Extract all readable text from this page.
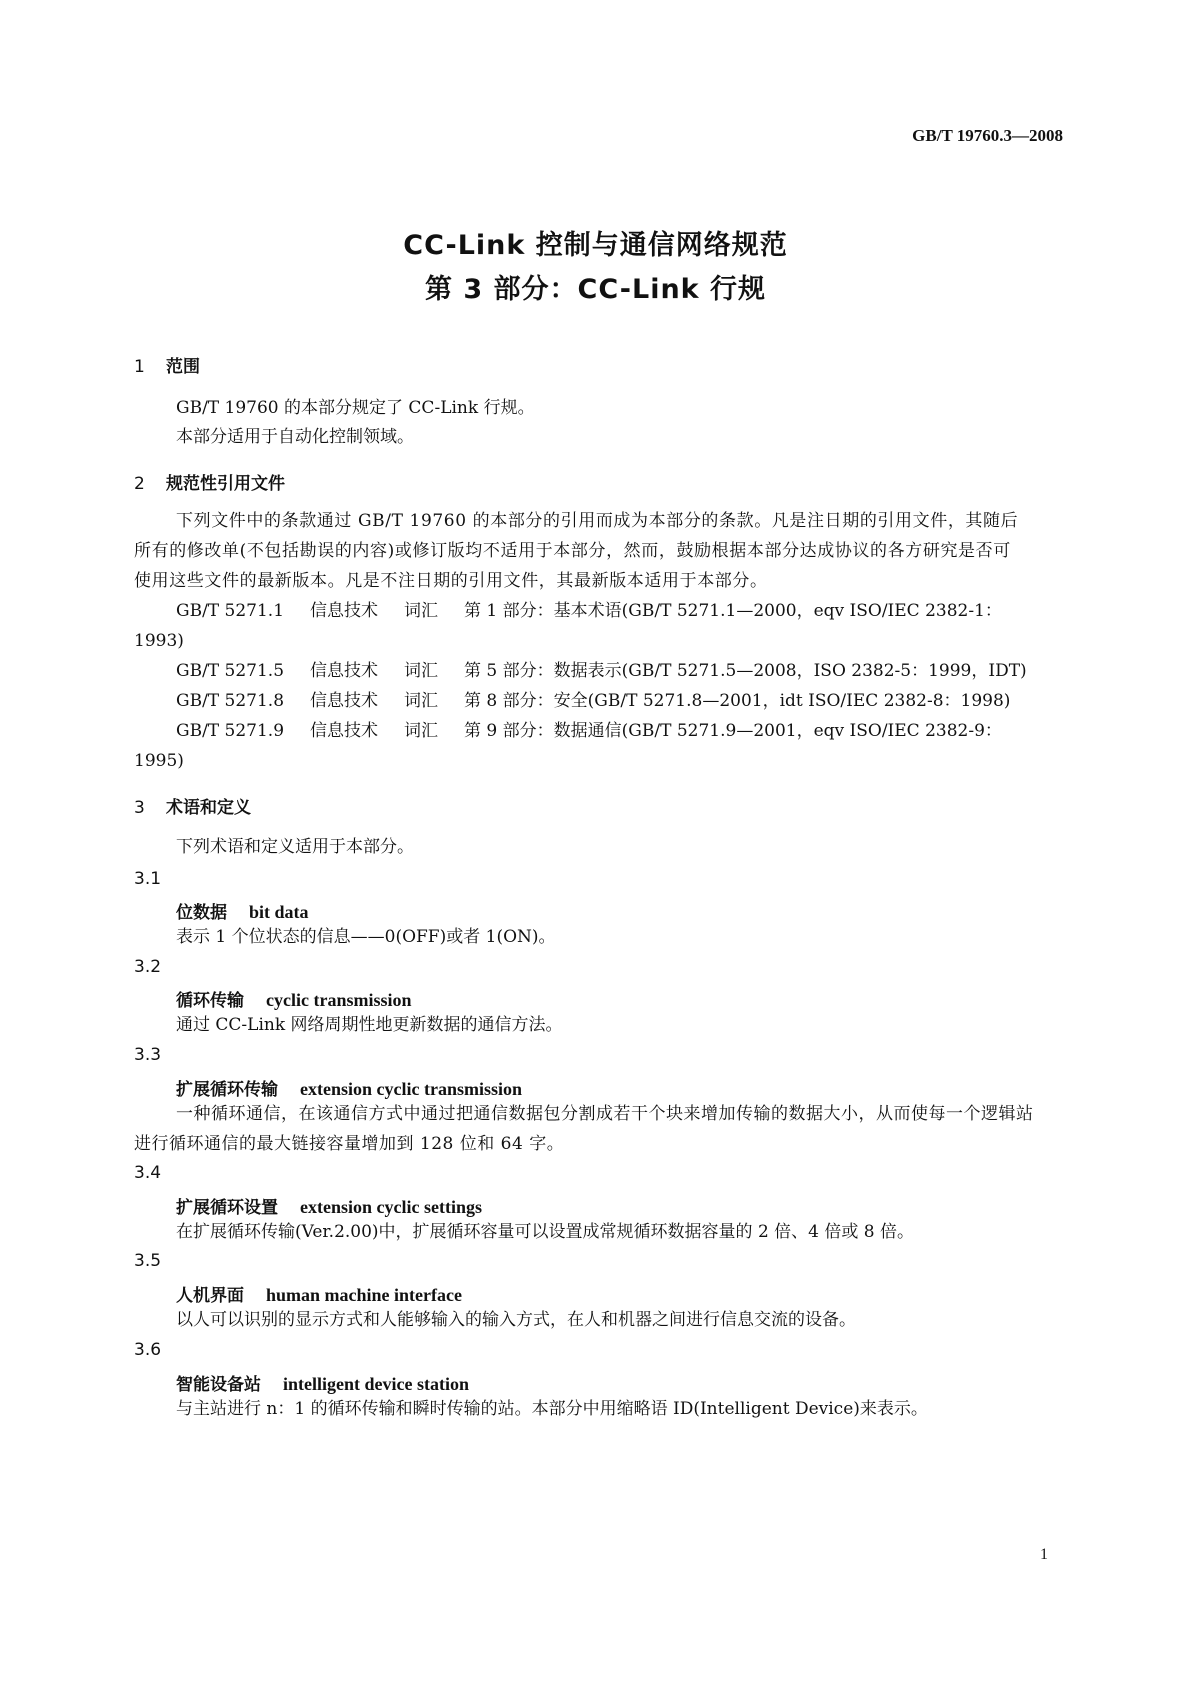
GB/T 19760.3—2008
CC-Link 控制与通信网络规范
第 3 部分：CC-Link 行规
1 范围
GB/T 19760 的本部分规定了 CC-Link 行规。
本部分适用于自动化控制领域。
2 规范性引用文件
下列文件中的条款通过 GB/T 19760 的本部分的引用而成为本部分的条款。凡是注日期的引用文件，其随后所有的修改单(不包括勘误的内容)或修订版均不适用于本部分，然而，鼓励根据本部分达成协议的各方研究是否可使用这些文件的最新版本。凡是不注日期的引用文件，其最新版本适用于本部分。
GB/T 5271.1 信息技术 词汇 第 1 部分：基本术语(GB/T 5271.1—2000，eqv ISO/IEC 2382-1：1993)
GB/T 5271.5 信息技术 词汇 第 5 部分：数据表示(GB/T 5271.5—2008，ISO 2382-5：1999，IDT)
GB/T 5271.8 信息技术 词汇 第 8 部分：安全(GB/T 5271.8—2001，idt ISO/IEC 2382-8：1998)
GB/T 5271.9 信息技术 词汇 第 9 部分：数据通信(GB/T 5271.9—2001，eqv ISO/IEC 2382-9：1995)
3 术语和定义
下列术语和定义适用于本部分。
3.1
位数据 bit data
表示 1 个位状态的信息——0(OFF)或者 1(ON)。
3.2
循环传输 cyclic transmission
通过 CC-Link 网络周期性地更新数据的通信方法。
3.3
扩展循环传输 extension cyclic transmission
一种循环通信，在该通信方式中通过把通信数据包分割成若干个块来增加传输的数据大小，从而使每一个逻辑站进行循环通信的最大链接容量增加到 128 位和 64 字。
3.4
扩展循环设置 extension cyclic settings
在扩展循环传输(Ver.2.00)中，扩展循环容量可以设置成常规循环数据容量的 2 倍、4 倍或 8 倍。
3.5
人机界面 human machine interface
以人可以识别的显示方式和人能够输入的输入方式，在人和机器之间进行信息交流的设备。
3.6
智能设备站 intelligent device station
与主站进行 n：1 的循环传输和瞬时传输的站。本部分中用缩略语 ID(Intelligent Device)来表示。
1
